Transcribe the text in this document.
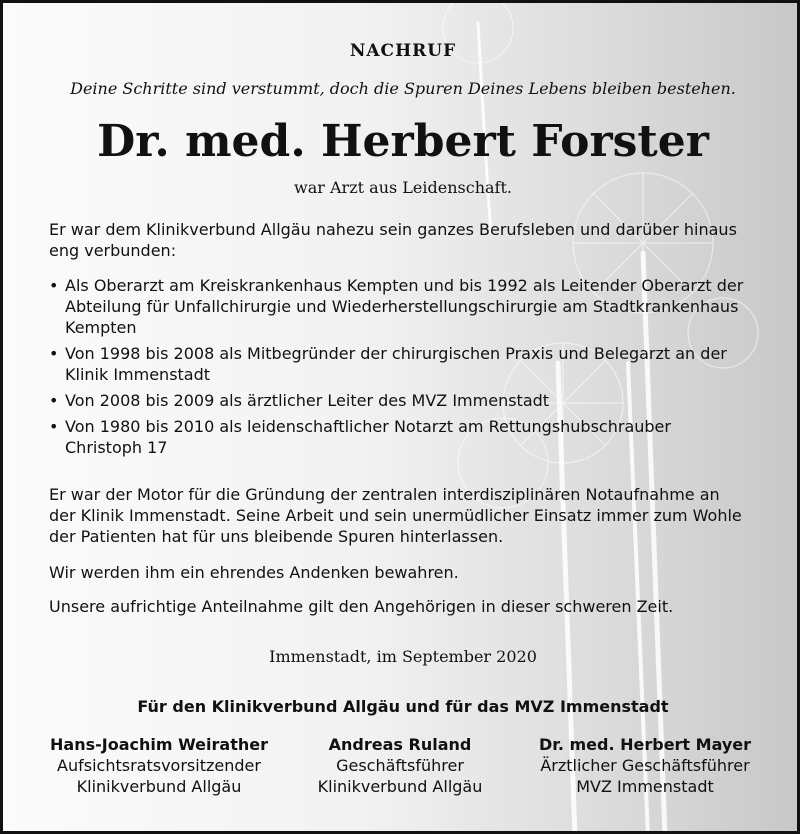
NACHRUF
Deine Schritte sind verstummt, doch die Spuren Deines Lebens bleiben bestehen.
Dr. med. Herbert Forster
war Arzt aus Leidenschaft.

Er war dem Klinikverbund Allgäu nahezu sein ganzes Berufsleben und darüber hinaus eng verbunden:

• Als Oberarzt am Kreiskrankenhaus Kempten und bis 1992 als Leitender Oberarzt der Abteilung für Unfallchirurgie und Wiederherstellungschirurgie am Stadtkrankenhaus Kempten
• Von 1998 bis 2008 als Mitbegründer der chirurgischen Praxis und Belegarzt an der Klinik Immenstadt
• Von 2008 bis 2009 als ärztlicher Leiter des MVZ Immenstadt
• Von 1980 bis 2010 als leidenschaftlicher Notarzt am Rettungshubschrauber Christoph 17

Er war der Motor für die Gründung der zentralen interdisziplinären Notaufnahme an der Klinik Immenstadt. Seine Arbeit und sein unermüdlicher Einsatz immer zum Wohle der Patienten hat für uns bleibende Spuren hinterlassen.

Wir werden ihm ein ehrendes Andenken bewahren.

Unsere aufrichtige Anteilnahme gilt den Angehörigen in dieser schweren Zeit.

Immenstadt, im September 2020
Für den Klinikverbund Allgäu und für das MVZ Immenstadt
Hans-Joachim Weirather
Aufsichtsratsvorsitzender
Klinikverbund Allgäu
Andreas Ruland
Geschäftsführer
Klinikverbund Allgäu
Dr. med. Herbert Mayer
Ärztlicher Geschäftsführer
MVZ Immenstadt
